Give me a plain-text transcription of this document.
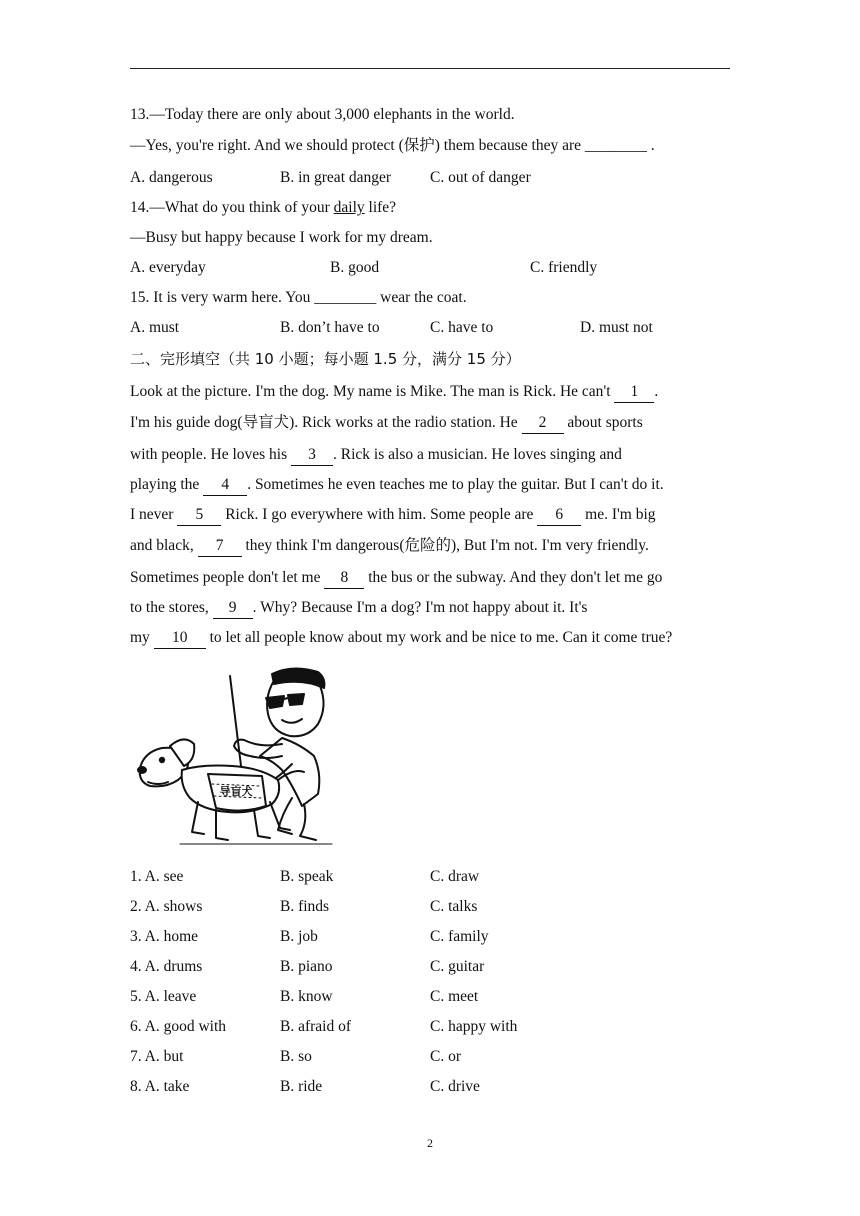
13.—Today there are only about 3,000 elephants in the world.
—Yes, you're right. And we should protect (保护) them because they are ________ .
A. dangerous	B. in great danger	C. out of danger
14.—What do you think of your daily life?
—Busy but happy because I work for my dream.
A. everyday	B. good	C. friendly
15. It is very warm here. You ________ wear the coat.
A. must	B. don’t have to	C. have to	D. must not
二、完形填空（共 10 小题；每小题 1.5 分，满分 15 分）
Look at the picture. I'm the dog. My name is Mike. The man is Rick. He can't 1 .
I'm his guide dog(导盲犬). Rick works at the radio station. He 2 about sports
with people. He loves his 3 . Rick is also a musician. He loves singing and
playing the 4 . Sometimes he even teaches me to play the guitar. But I can't do it.
I never 5 Rick. I go everywhere with him. Some people are 6 me. I'm big
and black, 7 they think I'm dangerous(危险的), But I'm not. I'm very friendly.
Sometimes people don't let me 8 the bus or the subway. And they don't let me go
to the stores, 9 . Why? Because I'm a dog? I'm not happy about it. It's
my 10 to let all people know about my work and be nice to me. Can it come true?
导盲犬
1. A. see	B. speak	C. draw
2. A. shows	B. finds	C. talks
3. A. home	B. job	C. family
4. A. drums	B. piano	C. guitar
5. A. leave	B. know	C. meet
6. A. good with	B. afraid of	C. happy with
7. A. but	B. so	C. or
8. A. take	B. ride	C. drive
2
